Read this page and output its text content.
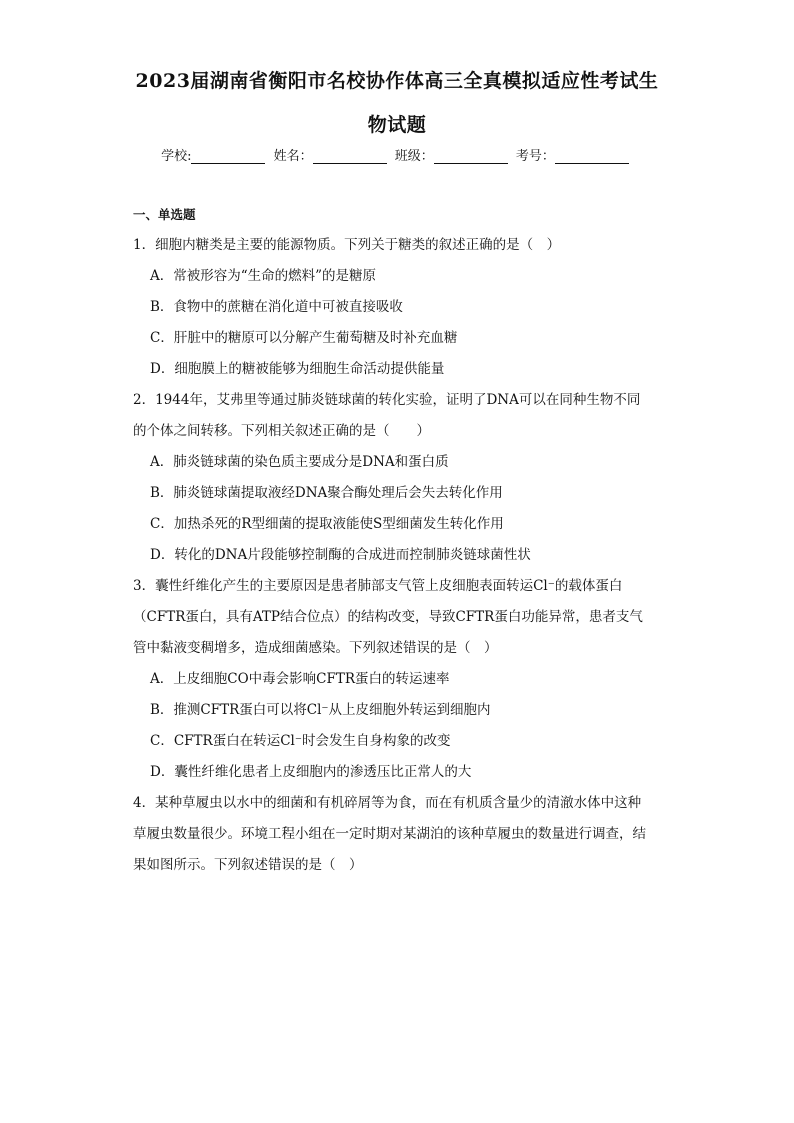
2023届湖南省衡阳市名校协作体高三全真模拟适应性考试生
物试题
学校:	姓名：	班级：	考号：
一、单选题
1．细胞内糖类是主要的能源物质。下列关于糖类的叙述正确的是（　）
A．常被形容为“生命的燃料”的是糖原
B．食物中的蔗糖在消化道中可被直接吸收
C．肝脏中的糖原可以分解产生葡萄糖及时补充血糖
D．细胞膜上的糖被能够为细胞生命活动提供能量
2．1944年，艾弗里等通过肺炎链球菌的转化实验，证明了DNA可以在同种生物不同
的个体之间转移。下列相关叙述正确的是（　　）
A．肺炎链球菌的染色质主要成分是DNA和蛋白质
B．肺炎链球菌提取液经DNA聚合酶处理后会失去转化作用
C．加热杀死的R型细菌的提取液能使S型细菌发生转化作用
D．转化的DNA片段能够控制酶的合成进而控制肺炎链球菌性状
3．囊性纤维化产生的主要原因是患者肺部支气管上皮细胞表面转运Cl⁻的载体蛋白
（CFTR蛋白，具有ATP结合位点）的结构改变，导致CFTR蛋白功能异常，患者支气
管中黏液变稠增多，造成细菌感染。下列叙述错误的是（　）
A．上皮细胞CO中毒会影响CFTR蛋白的转运速率
B．推测CFTR蛋白可以将Cl⁻从上皮细胞外转运到细胞内
C．CFTR蛋白在转运Cl⁻时会发生自身构象的改变
D．囊性纤维化患者上皮细胞内的渗透压比正常人的大
4．某种草履虫以水中的细菌和有机碎屑等为食，而在有机质含量少的清澈水体中这种
草履虫数量很少。环境工程小组在一定时期对某湖泊的该种草履虫的数量进行调查，结
果如图所示。下列叙述错误的是（　）
